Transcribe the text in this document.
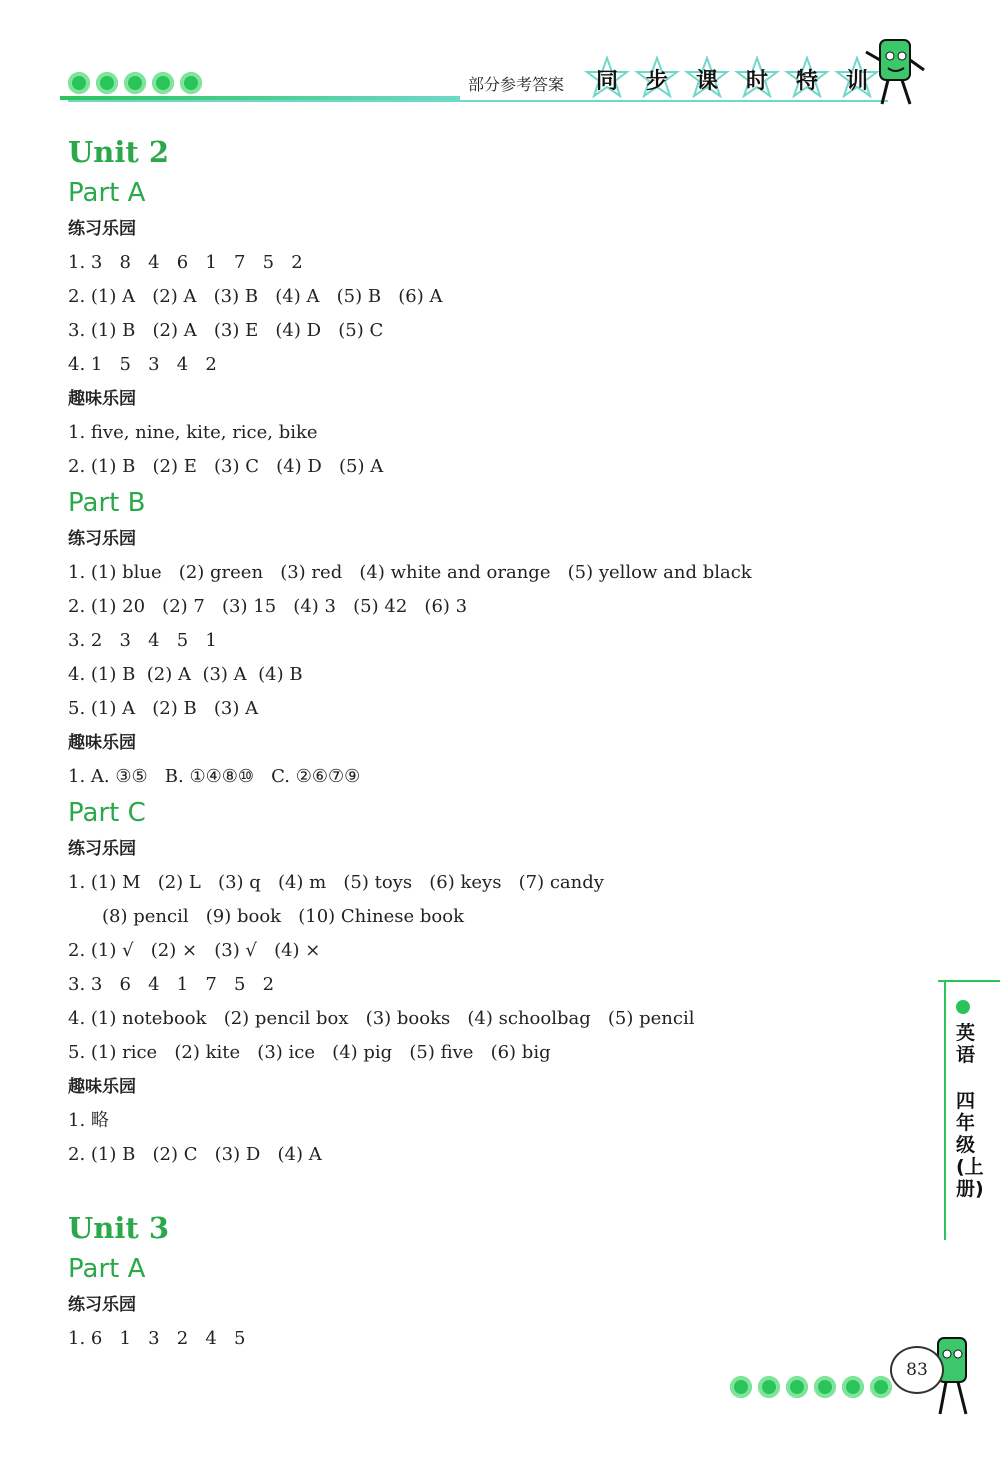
部分参考答案 同 步 课 时 特 训
Unit 2
Part A
练习乐园
1. 3   8   4   6   1   7   5   2
2. (1) A   (2) A   (3) B   (4) A   (5) B   (6) A
3. (1) B   (2) A   (3) E   (4) D   (5) C
4. 1   5   3   4   2
趣味乐园
1. five, nine, kite, rice, bike
2. (1) B   (2) E   (3) C   (4) D   (5) A
Part B
练习乐园
1. (1) blue   (2) green   (3) red   (4) white and orange   (5) yellow and black
2. (1) 20   (2) 7   (3) 15   (4) 3   (5) 42   (6) 3
3. 2   3   4   5   1
4. (1) B  (2) A  (3) A  (4) B
5. (1) A   (2) B   (3) A
趣味乐园
1. A. ③⑤   B. ①④⑧⑩   C. ②⑥⑦⑨
Part C
练习乐园
1. (1) M   (2) L   (3) q   (4) m   (5) toys   (6) keys   (7) candy
(8) pencil   (9) book   (10) Chinese book
2. (1) √   (2) ×   (3) √   (4) ×
3. 3   6   4   1   7   5   2
4. (1) notebook   (2) pencil box   (3) books   (4) schoolbag   (5) pencil
5. (1) rice   (2) kite   (3) ice   (4) pig   (5) five   (6) big
趣味乐园
1. 略
2. (1) B   (2) C   (3) D   (4) A
Unit 3
Part A
练习乐园
1. 6   1   3   2   4   5
英语
四年级(上册)
83
